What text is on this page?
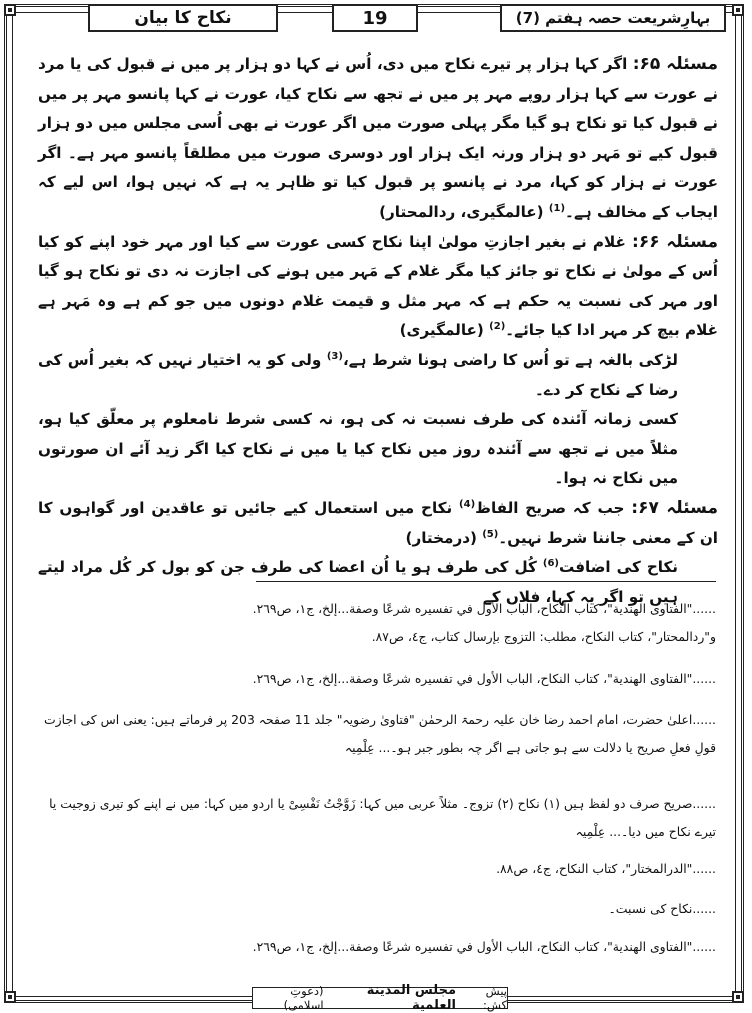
نکاح کا بیان	19	بہارِشریعت حصہ ہفتم (7)

مسئلہ ۶۵: اگر کہا ہزار پر تیرے نکاح میں دی، اُس نے کہا دو ہزار پر میں نے قبول کی یا مرد نے عورت سے کہا ہزار روپے مہر پر میں نے تجھ سے نکاح کیا، عورت نے کہا پانسو مہر پر میں نے قبول کیا تو نکاح ہو گیا مگر پہلی صورت میں اگر عورت نے بھی اُسی مجلس میں دو ہزار قبول کیے تو مَہر دو ہزار ورنہ ایک ہزار اور دوسری صورت میں مطلقاً پانسو مہر ہے۔ اگر عورت نے ہزار کو کہا، مرد نے پانسو پر قبول کیا تو ظاہر یہ ہے کہ نہیں ہوا، اس لیے کہ ایجاب کے مخالف ہے۔$^{(1)}$ (عالمگیری، ردالمحتار)

مسئلہ ۶۶: غلام نے بغیر اجازتِ مولیٰ اپنا نکاح کسی عورت سے کیا اور مہر خود اپنے کو کیا اُس کے مولیٰ نے نکاح تو جائز کیا مگر غلام کے مَہر میں ہونے کی اجازت نہ دی تو نکاح ہو گیا اور مہر کی نسبت یہ حکم ہے کہ مہر مثل و قیمت غلام دونوں میں جو کم ہے وہ مَہر ہے غلام بیچ کر مہر ادا کیا جائے۔$^{(2)}$ (عالمگیری)

لڑکی بالغہ ہے تو اُس کا راضی ہونا شرط ہے،$^{(3)}$ ولی کو یہ اختیار نہیں کہ بغیر اُس کی رضا کے نکاح کر دے۔

کسی زمانہ آئندہ کی طرف نسبت نہ کی ہو، نہ کسی شرط نامعلوم پر معلّق کیا ہو، مثلاً میں نے تجھ سے آئندہ روز میں نکاح کیا یا میں نے نکاح کیا اگر زید آئے ان صورتوں میں نکاح نہ ہوا۔

مسئلہ ۶۷: جب کہ صریح الفاظ$^{(4)}$ نکاح میں استعمال کیے جائیں تو عاقدین اور گواہوں کا ان کے معنی جاننا شرط نہیں۔$^{(5)}$ (درمختار)

نکاح کی اضافت$^{(6)}$ کُل کی طرف ہو یا اُن اعضا کی طرف جن کو بول کر کُل مراد لیتے ہیں تو اگر یہ کہا، فلاں کے

......"الفتاوى الهندية"، كتاب النكاح، الباب الأول في تفسيره شرعًا وصفة...إلخ، ج١، ص٢٦٩.
و"ردالمحتار"، كتاب النكاح، مطلب: التزوج بإرسال كتاب، ج٤، ص٨٧.
......"الفتاوى الهندية"، كتاب النكاح، الباب الأول في تفسيره شرعًا وصفة...إلخ، ج١، ص٢٦٩.
......اعلیٰ حضرت، امام احمد رضا خان علیہ رحمۃ الرحمٰن "فتاویٰ رضویہ" جلد 11 صفحہ 203 پر فرماتے ہیں: یعنی اس کی اجازت قولِ فعلِ صریح یا دلالت سے ہو جاتی ہے اگر چہ بطور جبر ہو۔... عِلْمِیہ
......صریح صرف دو لفظ ہیں (١) نکاح (٢) تزوج۔ مثلاً عربی میں کہا: زَوَّجْتُ نَفْسِیْ یا اردو میں کہا: میں نے اپنے کو تیری زوجیت یا تیرے نکاح میں دیا۔... عِلْمِیہ
......"الدرالمختار"، كتاب النكاح، ج٤، ص٨٨.
......نکاح کی نسبت۔
......"الفتاوى الهندية"، كتاب النكاح، الباب الأول في تفسيره شرعًا وصفة...إلخ، ج١، ص٢٦٩.
پیش کش:
مجلس المدينة العلمية
(دعوتِ اسلامی)
